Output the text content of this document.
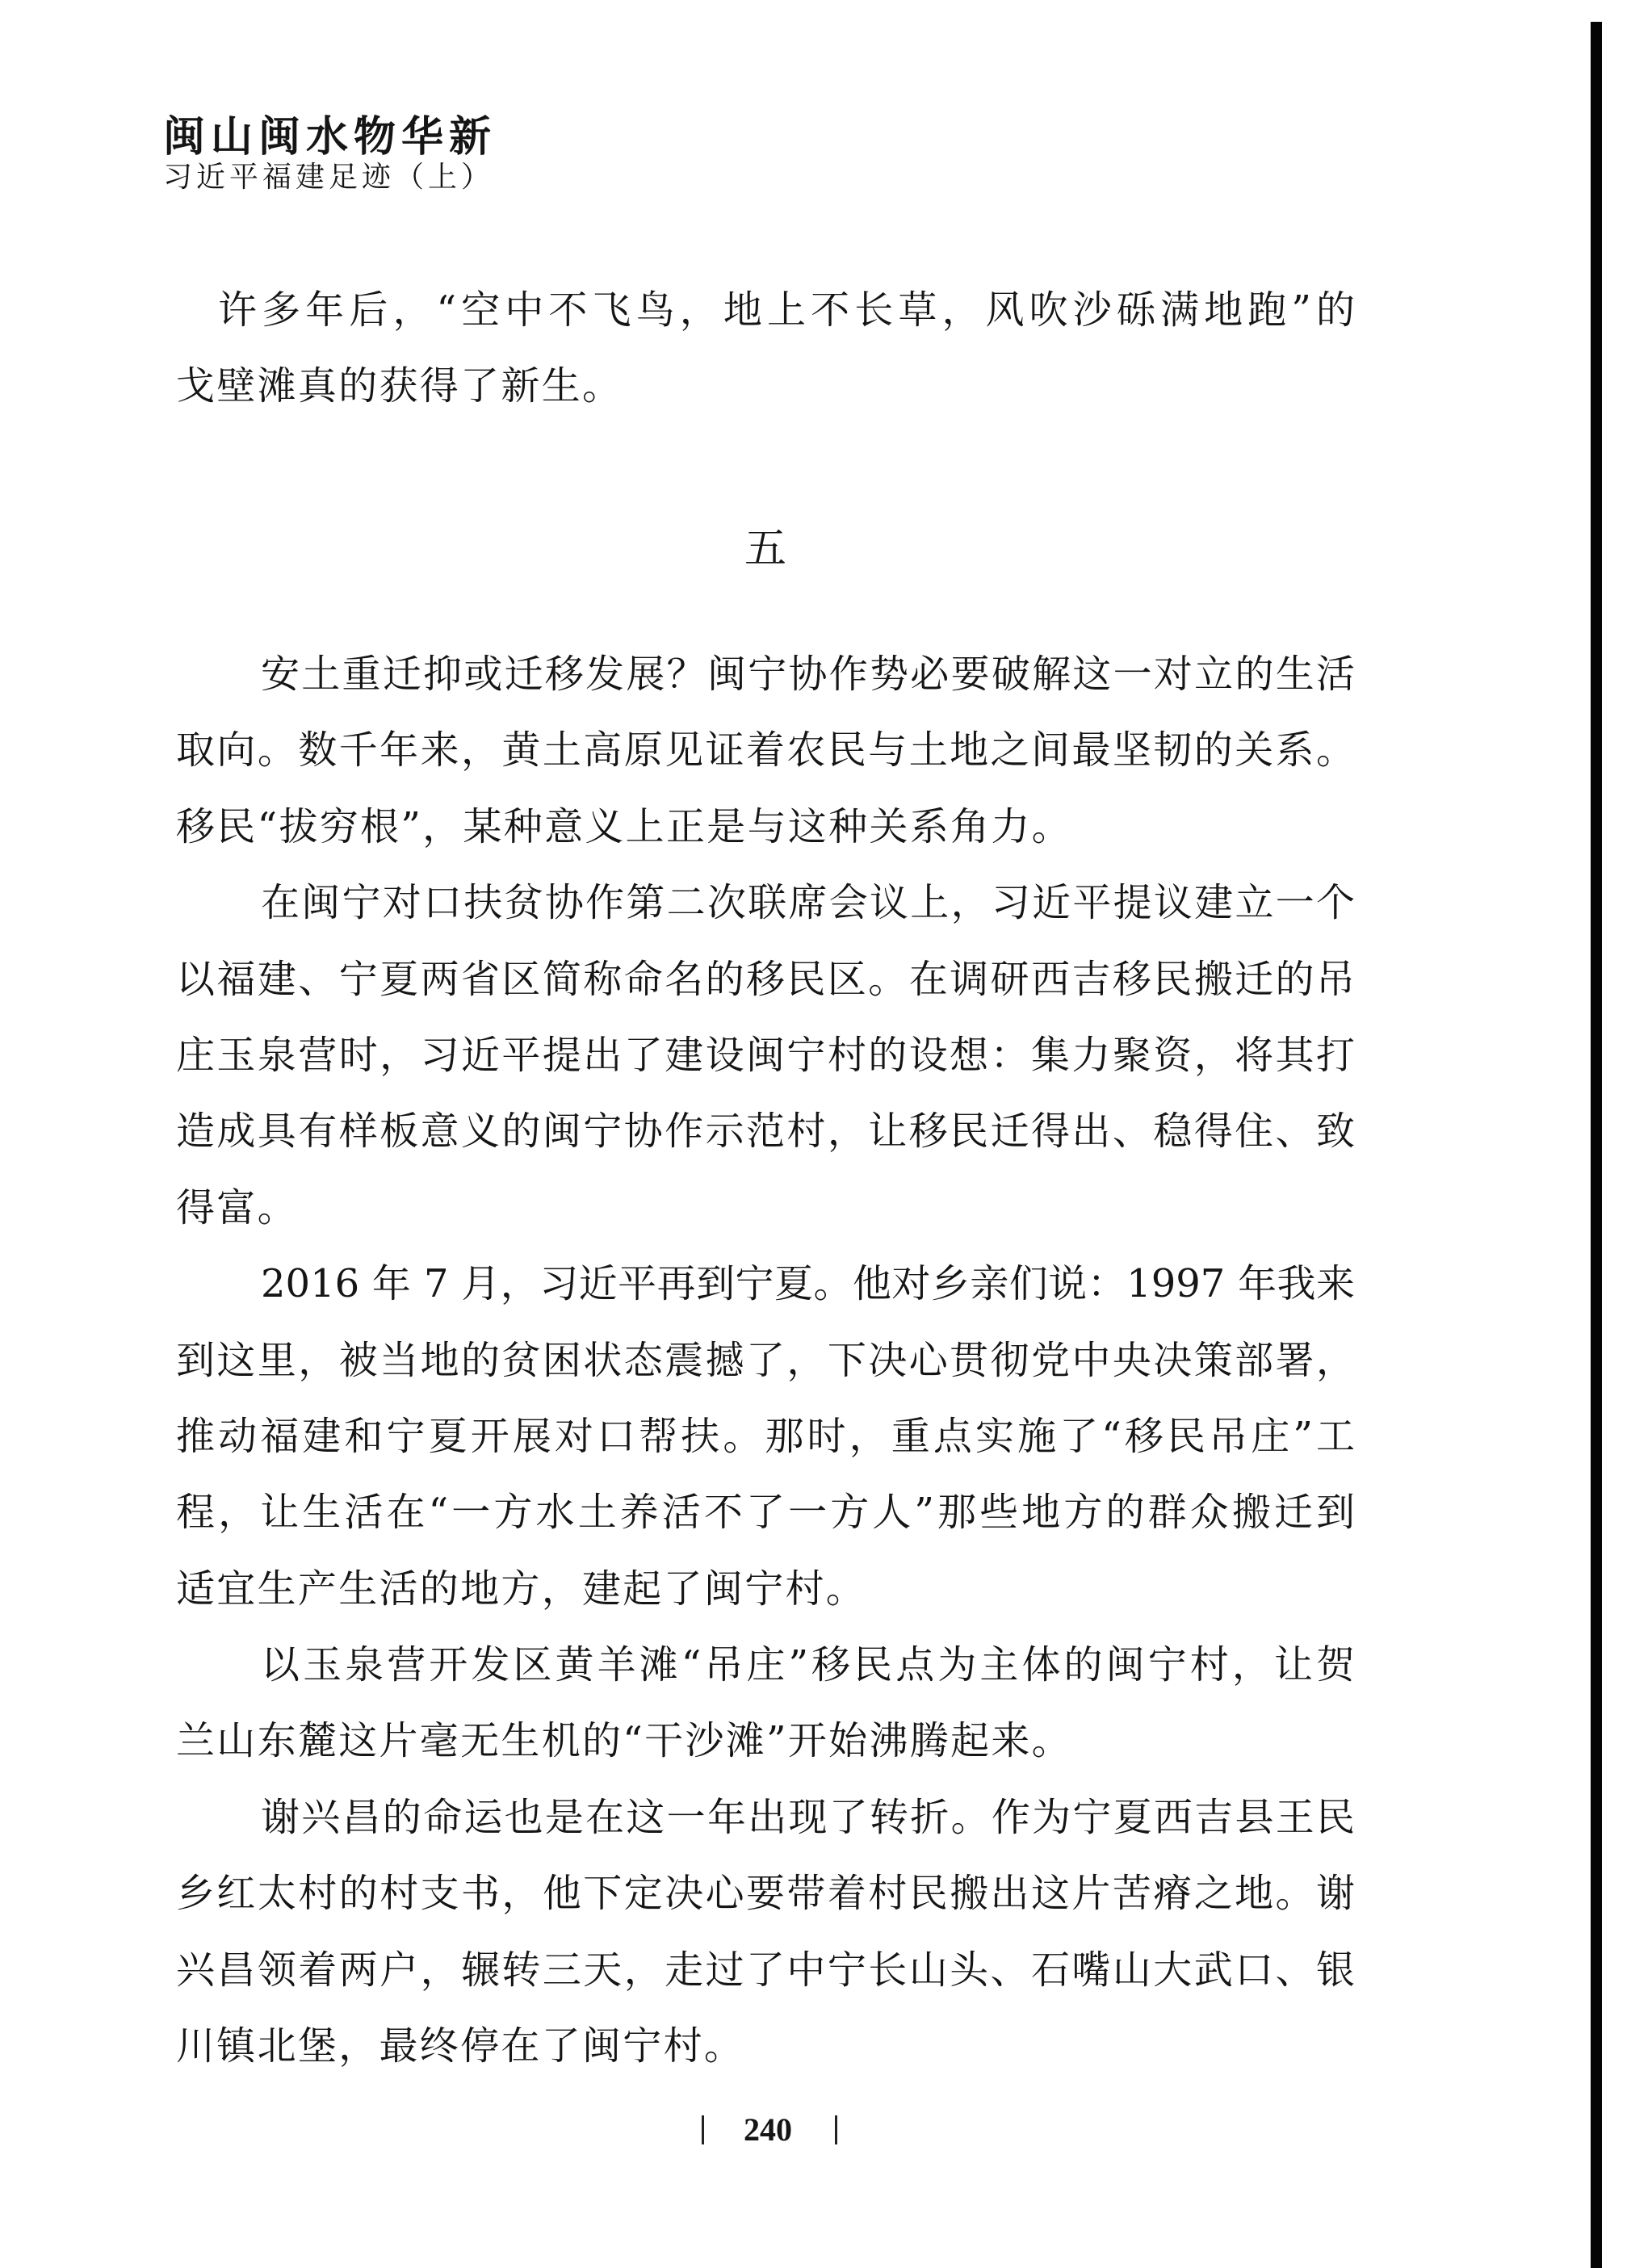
闽山闽水物华新
习近平福建足迹（上）
许多年后，“空中不飞鸟，地上不长草，风吹沙砾满地跑”的
戈壁滩真的获得了新生。
五
安土重迁抑或迁移发展？闽宁协作势必要破解这一对立的生活
取向。数千年来，黄土高原见证着农民与土地之间最坚韧的关系。
移民“拔穷根”，某种意义上正是与这种关系角力。
在闽宁对口扶贫协作第二次联席会议上，习近平提议建立一个
以福建、宁夏两省区简称命名的移民区。在调研西吉移民搬迁的吊
庄玉泉营时，习近平提出了建设闽宁村的设想：集力聚资，将其打
造成具有样板意义的闽宁协作示范村，让移民迁得出、稳得住、致
得富。
2016 年 7 月，习近平再到宁夏。他对乡亲们说：1997 年我来
到这里，被当地的贫困状态震撼了，下决心贯彻党中央决策部署，
推动福建和宁夏开展对口帮扶。那时，重点实施了“移民吊庄”工
程，让生活在“一方水土养活不了一方人”那些地方的群众搬迁到
适宜生产生活的地方，建起了闽宁村。
以玉泉营开发区黄羊滩“吊庄”移民点为主体的闽宁村，让贺
兰山东麓这片毫无生机的“干沙滩”开始沸腾起来。
谢兴昌的命运也是在这一年出现了转折。作为宁夏西吉县王民
乡红太村的村支书，他下定决心要带着村民搬出这片苦瘠之地。谢
兴昌领着两户，辗转三天，走过了中宁长山头、石嘴山大武口、银
川镇北堡，最终停在了闽宁村。
240
